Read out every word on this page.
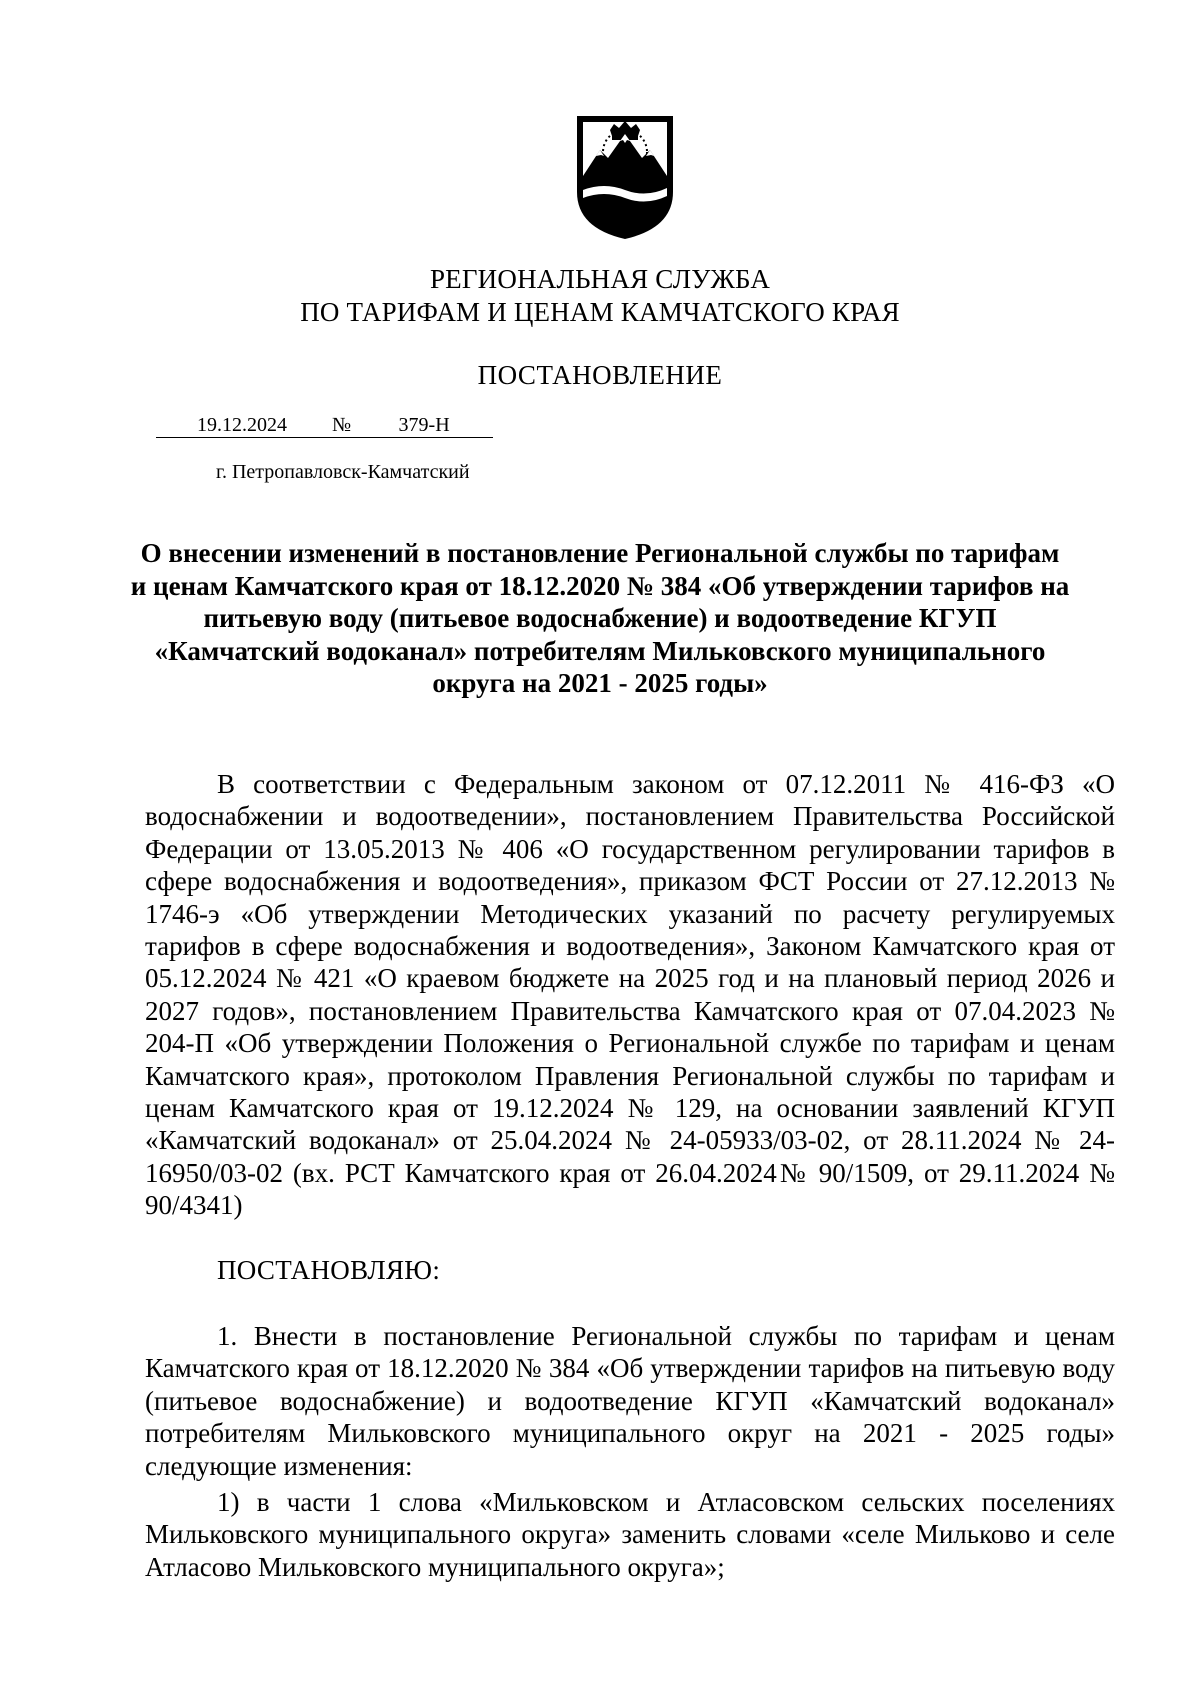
РЕГИОНАЛЬНАЯ СЛУЖБА
ПО ТАРИФАМ И ЦЕНАМ КАМЧАТСКОГО КРАЯ
ПОСТАНОВЛЕНИЕ
19.12.2024 № 379-Н
г. Петропавловск-Камчатский
О внесении изменений в постановление Региональной службы по тарифам и ценам Камчатского края от 18.12.2020 № 384 «Об утверждении тарифов на питьевую воду (питьевое водоснабжение) и водоотведение КГУП «Камчатский водоканал» потребителям Мильковского муниципального округа на 2021 - 2025 годы»
В соответствии с Федеральным законом от 07.12.2011 № 416-ФЗ «О водоснабжении и водоотведении», постановлением Правительства Российской Федерации от 13.05.2013 № 406 «О государственном регулировании тарифов в сфере водоснабжения и водоотведения», приказом ФСТ России от 27.12.2013 № 1746-э «Об утверждении Методических указаний по расчету регулируемых тарифов в сфере водоснабжения и водоотведения», Законом Камчатского края от 05.12.2024 № 421 «О краевом бюджете на 2025 год и на плановый период 2026 и 2027 годов», постановлением Правительства Камчатского края от 07.04.2023 № 204-П «Об утверждении Положения о Региональной службе по тарифам и ценам Камчатского края», протоколом Правления Региональной службы по тарифам и ценам Камчатского края от 19.12.2024 № 129, на основании заявлений КГУП «Камчатский водоканал» от 25.04.2024 № 24-05933/03-02, от 28.11.2024 № 24-16950/03-02 (вх. РСТ Камчатского края от 26.04.2024№ 90/1509, от 29.11.2024 № 90/4341)
ПОСТАНОВЛЯЮ:
1. Внести в постановление Региональной службы по тарифам и ценам Камчатского края от 18.12.2020 № 384 «Об утверждении тарифов на питьевую воду (питьевое водоснабжение) и водоотведение КГУП «Камчатский водоканал» потребителям Мильковского муниципального округ на 2021 - 2025 годы» следующие изменения:
1) в части 1 слова «Мильковском и Атласовском сельских поселениях Мильковского муниципального округа» заменить словами «селе Мильково и селе Атласово Мильковского муниципального округа»;
